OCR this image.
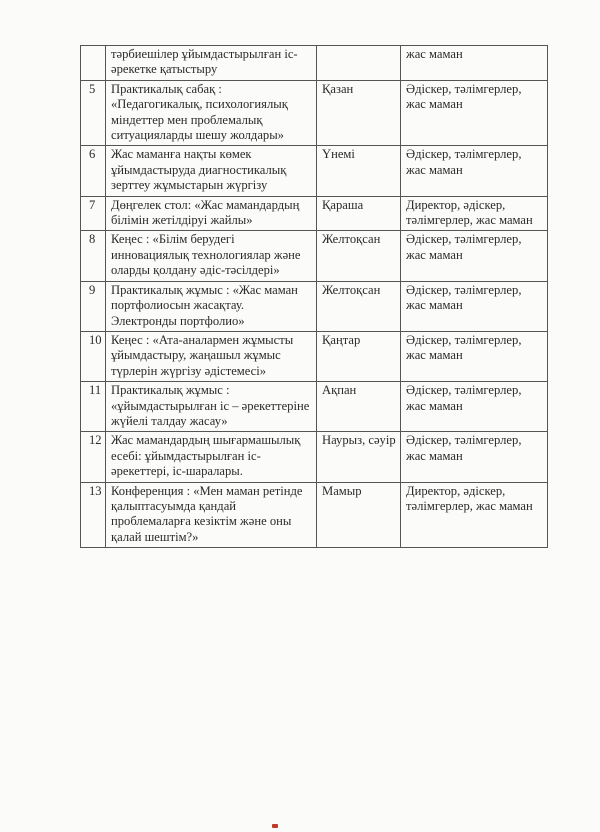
	тәрбиешілер ұйымдастырылған іс-әрекетке қатыстыру		жас маман
5	Практикалық сабақ : «Педагогикалық, психологиялық міндеттер мен проблемалық ситуацияларды шешу жолдары»	Қазан	Әдіскер, тәлімгерлер, жас маман
6	Жас маманға нақты көмек ұйымдастыруда диагностикалық зерттеу жұмыстарын жүргізу	Үнемі	Әдіскер, тәлімгерлер, жас маман
7	Дөңгелек стол: «Жас мамандардың білімін жетілдіруі жайлы»	Қараша	Директор, әдіскер, тәлімгерлер, жас маман
8	Кеңес : «Білім берудегі инновациялық технологиялар және оларды қолдану әдіс-тәсілдері»	Желтоқсан	Әдіскер, тәлімгерлер, жас маман
9	Практикалық жұмыс : «Жас маман портфолиосын жасақтау. Электронды портфолио»	Желтоқсан	Әдіскер, тәлімгерлер, жас маман
10	Кеңес : «Ата-аналармен жұмысты ұйымдастыру, жаңашыл жұмыс түрлерін жүргізу әдістемесі»	Қаңтар	Әдіскер, тәлімгерлер, жас маман
11	Практикалық жұмыс : «ұйымдастырылған іс – әрекеттеріне жүйелі талдау жасау»	Ақпан	Әдіскер, тәлімгерлер, жас маман
12	Жас мамандардың шығармашылық есебі: ұйымдастырылған іс-әрекеттері, іс-шаралары.	Наурыз, сәуір	Әдіскер, тәлімгерлер, жас маман
13	Конференция : «Мен маман ретінде қалыптасуымда қандай проблемаларға кезіктім және оны қалай шештім?»	Мамыр	Директор, әдіскер, тәлімгерлер, жас маман
